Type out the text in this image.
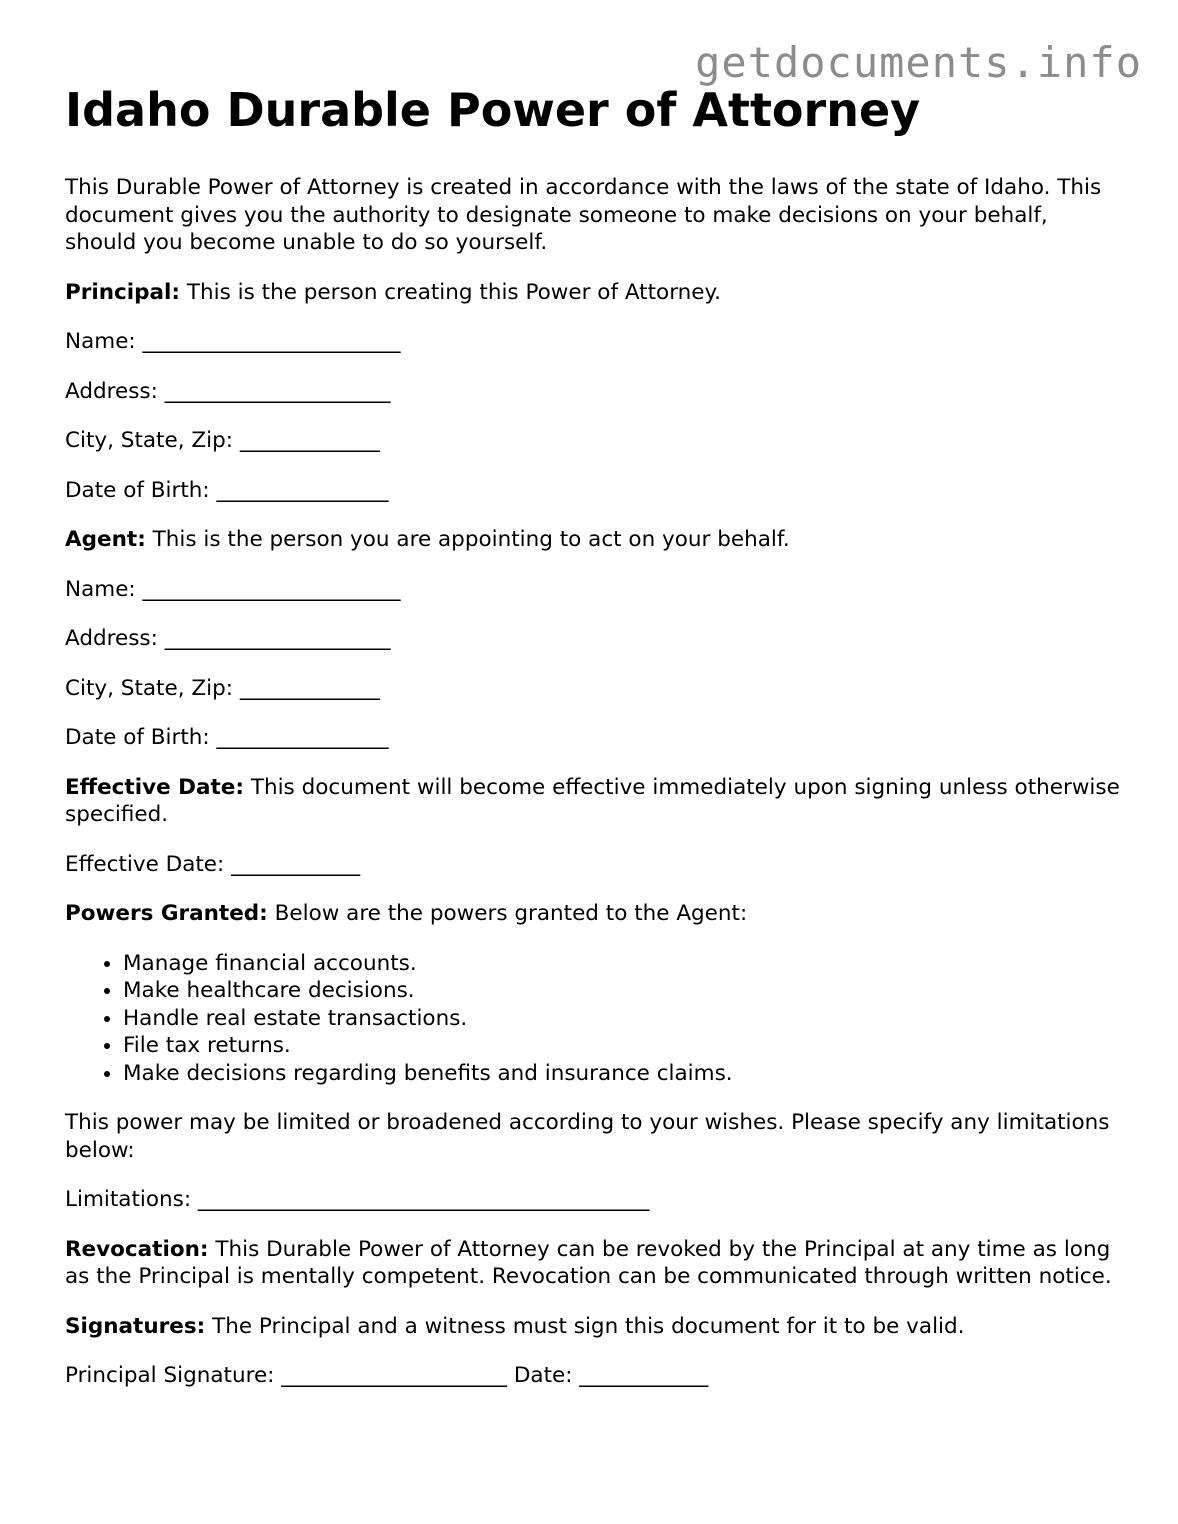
getdocuments.info
Idaho Durable Power of Attorney

This Durable Power of Attorney is created in accordance with the laws of the state of Idaho. This document gives you the authority to designate someone to make decisions on your behalf, should you become unable to do so yourself.

Principal: This is the person creating this Power of Attorney.

Name: ________________________

Address: _____________________

City, State, Zip: _____________

Date of Birth: ________________

Agent: This is the person you are appointing to act on your behalf.

Name: ________________________

Address: _____________________

City, State, Zip: _____________

Date of Birth: ________________

Effective Date: This document will become effective immediately upon signing unless otherwise specified.

Effective Date: ____________

Powers Granted: Below are the powers granted to the Agent:

• Manage financial accounts.
• Make healthcare decisions.
• Handle real estate transactions.
• File tax returns.
• Make decisions regarding benefits and insurance claims.

This power may be limited or broadened according to your wishes. Please specify any limitations below:

Limitations: __________________________________________

Revocation: This Durable Power of Attorney can be revoked by the Principal at any time as long as the Principal is mentally competent. Revocation can be communicated through written notice.

Signatures: The Principal and a witness must sign this document for it to be valid.

Principal Signature: _____________________ Date: ____________
